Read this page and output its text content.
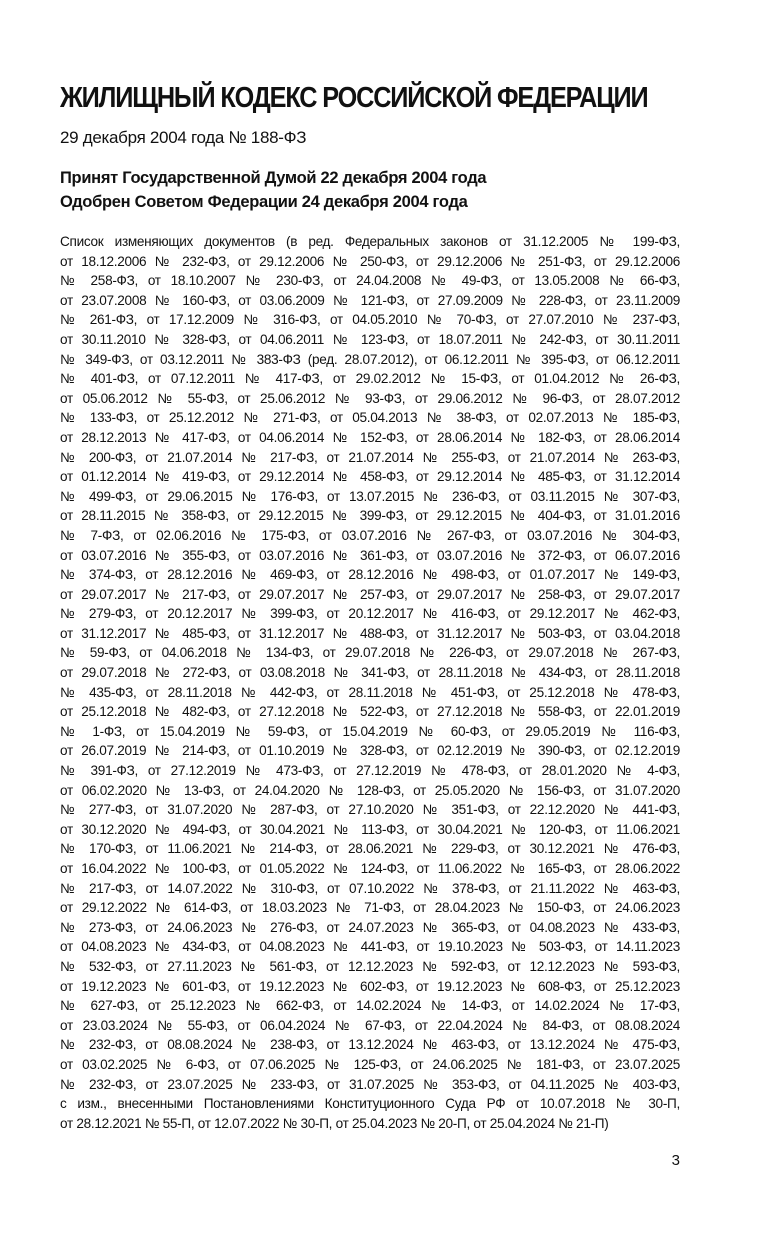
ЖИЛИЩНЫЙ КОДЕКС РОССИЙСКОЙ ФЕДЕРАЦИИ

29 декабря 2004 года № 188-ФЗ

Принят Государственной Думой 22 декабря 2004 года
Одобрен Советом Федерации 24 декабря 2004 года
Список изменяющих документов (в ред. Федеральных законов от 31.12.2005 № 199-ФЗ,
от 18.12.2006 № 232-ФЗ, от 29.12.2006 № 250-ФЗ, от 29.12.2006 № 251-ФЗ, от 29.12.2006
№ 258-ФЗ, от 18.10.2007 № 230-ФЗ, от 24.04.2008 № 49-ФЗ, от 13.05.2008 № 66-ФЗ,
от 23.07.2008 № 160-ФЗ, от 03.06.2009 № 121-ФЗ, от 27.09.2009 № 228-ФЗ, от 23.11.2009
№ 261-ФЗ, от 17.12.2009 № 316-ФЗ, от 04.05.2010 № 70-ФЗ, от 27.07.2010 № 237-ФЗ,
от 30.11.2010 № 328-ФЗ, от 04.06.2011 № 123-ФЗ, от 18.07.2011 № 242-ФЗ, от 30.11.2011
№ 349-ФЗ, от 03.12.2011 № 383-ФЗ (ред. 28.07.2012), от 06.12.2011 № 395-ФЗ, от 06.12.2011
№ 401-ФЗ, от 07.12.2011 № 417-ФЗ, от 29.02.2012 № 15-ФЗ, от 01.04.2012 № 26-ФЗ,
от 05.06.2012 № 55-ФЗ, от 25.06.2012 № 93-ФЗ, от 29.06.2012 № 96-ФЗ, от 28.07.2012
№ 133-ФЗ, от 25.12.2012 № 271-ФЗ, от 05.04.2013 № 38-ФЗ, от 02.07.2013 № 185-ФЗ,
от 28.12.2013 № 417-ФЗ, от 04.06.2014 № 152-ФЗ, от 28.06.2014 № 182-ФЗ, от 28.06.2014
№ 200-ФЗ, от 21.07.2014 № 217-ФЗ, от 21.07.2014 № 255-ФЗ, от 21.07.2014 № 263-ФЗ,
от 01.12.2014 № 419-ФЗ, от 29.12.2014 № 458-ФЗ, от 29.12.2014 № 485-ФЗ, от 31.12.2014
№ 499-ФЗ, от 29.06.2015 № 176-ФЗ, от 13.07.2015 № 236-ФЗ, от 03.11.2015 № 307-ФЗ,
от 28.11.2015 № 358-ФЗ, от 29.12.2015 № 399-ФЗ, от 29.12.2015 № 404-ФЗ, от 31.01.2016
№ 7-ФЗ, от 02.06.2016 № 175-ФЗ, от 03.07.2016 № 267-ФЗ, от 03.07.2016 № 304-ФЗ,
от 03.07.2016 № 355-ФЗ, от 03.07.2016 № 361-ФЗ, от 03.07.2016 № 372-ФЗ, от 06.07.2016
№ 374-ФЗ, от 28.12.2016 № 469-ФЗ, от 28.12.2016 № 498-ФЗ, от 01.07.2017 № 149-ФЗ,
от 29.07.2017 № 217-ФЗ, от 29.07.2017 № 257-ФЗ, от 29.07.2017 № 258-ФЗ, от 29.07.2017
№ 279-ФЗ, от 20.12.2017 № 399-ФЗ, от 20.12.2017 № 416-ФЗ, от 29.12.2017 № 462-ФЗ,
от 31.12.2017 № 485-ФЗ, от 31.12.2017 № 488-ФЗ, от 31.12.2017 № 503-ФЗ, от 03.04.2018
№ 59-ФЗ, от 04.06.2018 № 134-ФЗ, от 29.07.2018 № 226-ФЗ, от 29.07.2018 № 267-ФЗ,
от 29.07.2018 № 272-ФЗ, от 03.08.2018 № 341-ФЗ, от 28.11.2018 № 434-ФЗ, от 28.11.2018
№ 435-ФЗ, от 28.11.2018 № 442-ФЗ, от 28.11.2018 № 451-ФЗ, от 25.12.2018 № 478-ФЗ,
от 25.12.2018 № 482-ФЗ, от 27.12.2018 № 522-ФЗ, от 27.12.2018 № 558-ФЗ, от 22.01.2019
№ 1-ФЗ, от 15.04.2019 № 59-ФЗ, от 15.04.2019 № 60-ФЗ, от 29.05.2019 № 116-ФЗ,
от 26.07.2019 № 214-ФЗ, от 01.10.2019 № 328-ФЗ, от 02.12.2019 № 390-ФЗ, от 02.12.2019
№ 391-ФЗ, от 27.12.2019 № 473-ФЗ, от 27.12.2019 № 478-ФЗ, от 28.01.2020 № 4-ФЗ,
от 06.02.2020 № 13-ФЗ, от 24.04.2020 № 128-ФЗ, от 25.05.2020 № 156-ФЗ, от 31.07.2020
№ 277-ФЗ, от 31.07.2020 № 287-ФЗ, от 27.10.2020 № 351-ФЗ, от 22.12.2020 № 441-ФЗ,
от 30.12.2020 № 494-ФЗ, от 30.04.2021 № 113-ФЗ, от 30.04.2021 № 120-ФЗ, от 11.06.2021
№ 170-ФЗ, от 11.06.2021 № 214-ФЗ, от 28.06.2021 № 229-ФЗ, от 30.12.2021 № 476-ФЗ,
от 16.04.2022 № 100-ФЗ, от 01.05.2022 № 124-ФЗ, от 11.06.2022 № 165-ФЗ, от 28.06.2022
№ 217-ФЗ, от 14.07.2022 № 310-ФЗ, от 07.10.2022 № 378-ФЗ, от 21.11.2022 № 463-ФЗ,
от 29.12.2022 № 614-ФЗ, от 18.03.2023 № 71-ФЗ, от 28.04.2023 № 150-ФЗ, от 24.06.2023
№ 273-ФЗ, от 24.06.2023 № 276-ФЗ, от 24.07.2023 № 365-ФЗ, от 04.08.2023 № 433-ФЗ,
от 04.08.2023 № 434-ФЗ, от 04.08.2023 № 441-ФЗ, от 19.10.2023 № 503-ФЗ, от 14.11.2023
№ 532-ФЗ, от 27.11.2023 № 561-ФЗ, от 12.12.2023 № 592-ФЗ, от 12.12.2023 № 593-ФЗ,
от 19.12.2023 № 601-ФЗ, от 19.12.2023 № 602-ФЗ, от 19.12.2023 № 608-ФЗ, от 25.12.2023
№ 627-ФЗ, от 25.12.2023 № 662-ФЗ, от 14.02.2024 № 14-ФЗ, от 14.02.2024 № 17-ФЗ,
от 23.03.2024 № 55-ФЗ, от 06.04.2024 № 67-ФЗ, от 22.04.2024 № 84-ФЗ, от 08.08.2024
№ 232-ФЗ, от 08.08.2024 № 238-ФЗ, от 13.12.2024 № 463-ФЗ, от 13.12.2024 № 475-ФЗ,
от 03.02.2025 № 6-ФЗ, от 07.06.2025 № 125-ФЗ, от 24.06.2025 № 181-ФЗ, от 23.07.2025
№ 232-ФЗ, от 23.07.2025 № 233-ФЗ, от 31.07.2025 № 353-ФЗ, от 04.11.2025 № 403-ФЗ,
с изм., внесенными Постановлениями Конституционного Суда РФ от 10.07.2018 № 30-П,
от 28.12.2021 № 55-П, от 12.07.2022 № 30-П, от 25.04.2023 № 20-П, от 25.04.2024 № 21-П)

3
